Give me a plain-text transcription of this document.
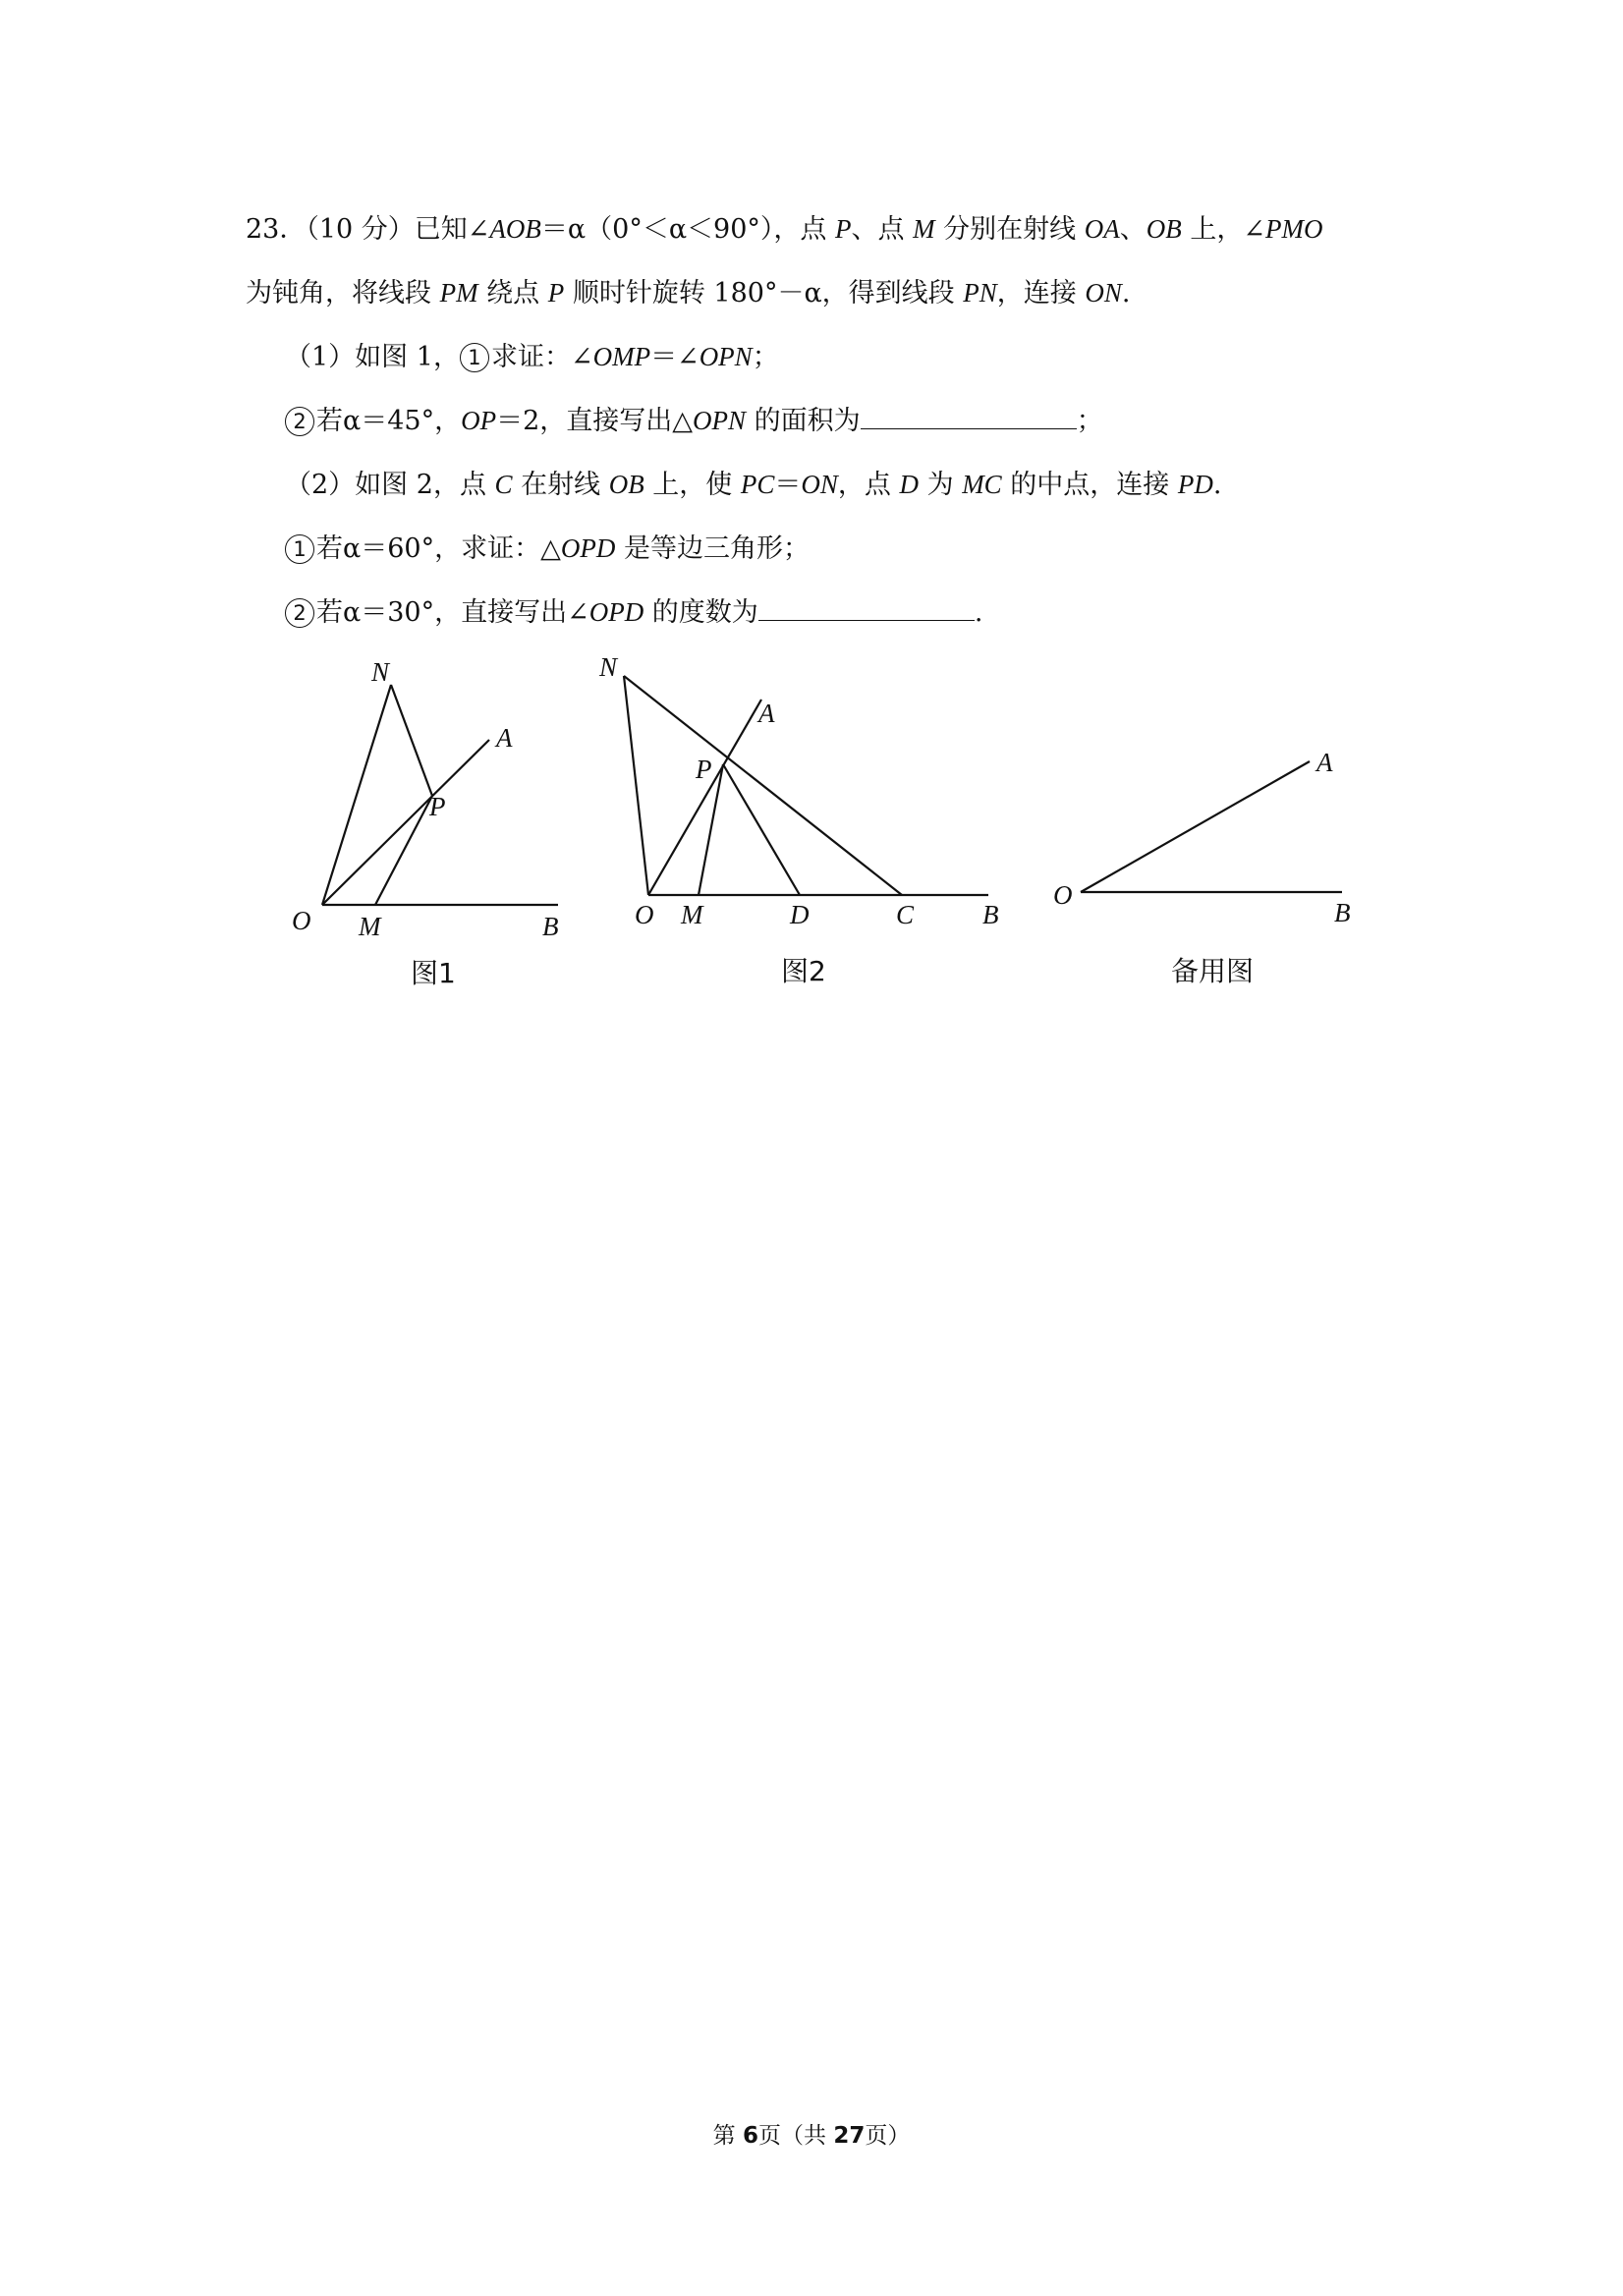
23．（10 分）已知∠AOB＝α（0°＜α＜90°），点 P、点 M 分别在射线 OA、OB 上，∠PMO
为钝角，将线段 PM 绕点 P 顺时针旋转 180°－α，得到线段 PN，连接 ON.
（1）如图 1， 1 求证：∠OMP＝∠OPN；
2 若α＝45°，OP＝2，直接写出△OPN 的面积为	；
（2）如图 2，点 C 在射线 OB 上，使 PC＝ON，点 D 为 MC 的中点，连接 PD.
1 若α＝60°，求证：△OPD 是等边三角形；
2 若α＝30°，直接写出∠OPD 的度数为	.
N
A
P
O M	B
图1
N
A
P
O M	D	C	B
图2
A
O
B
备用图
第 6页（共 27页）
